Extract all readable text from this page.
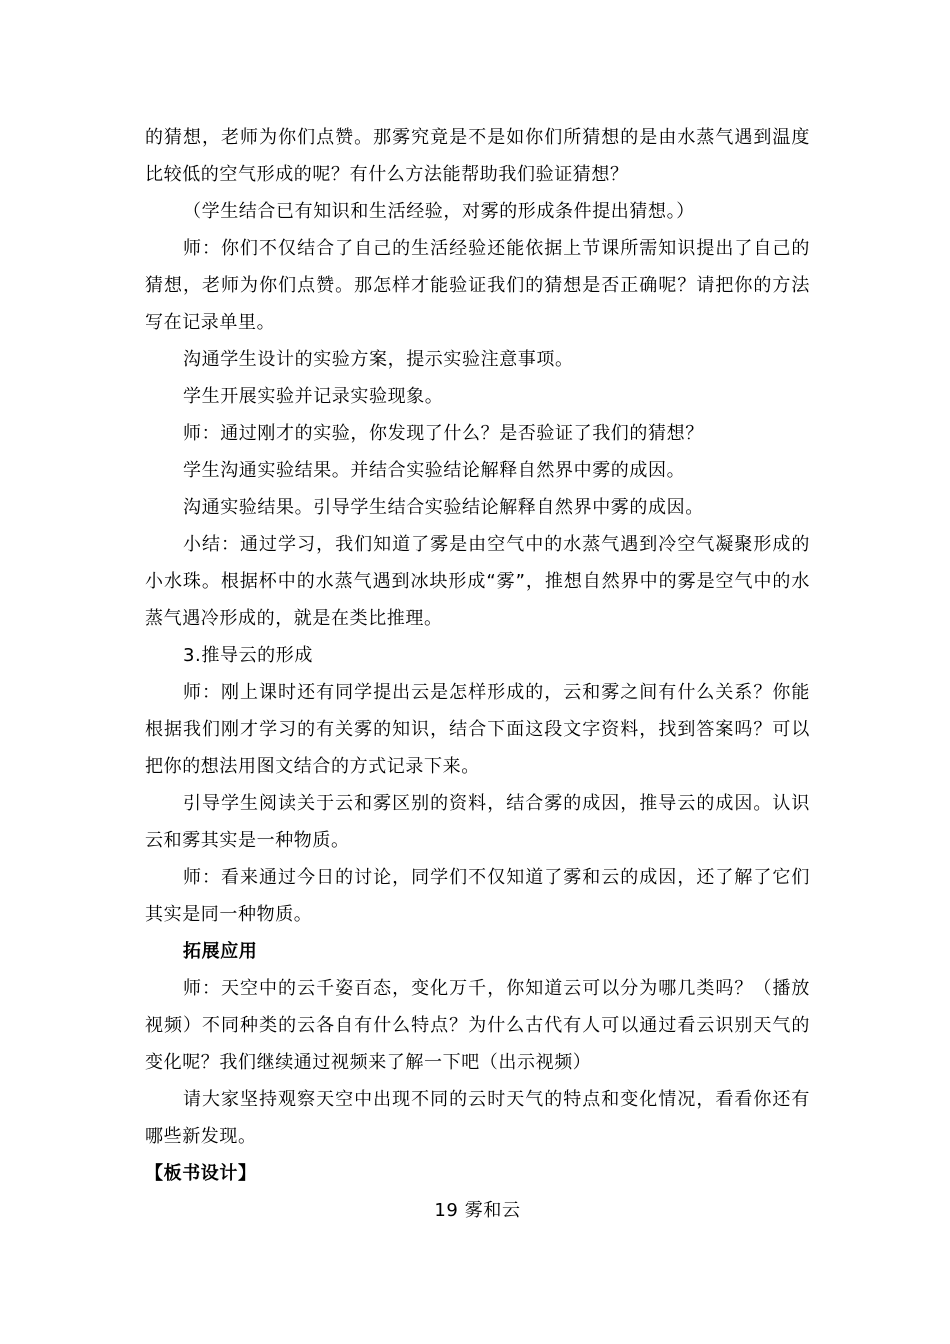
的猜想，老师为你们点赞。那雾究竟是不是如你们所猜想的是由水蒸气遇到温度比较低的空气形成的呢？有什么方法能帮助我们验证猜想？

（学生结合已有知识和生活经验，对雾的形成条件提出猜想。）

师：你们不仅结合了自己的生活经验还能依据上节课所需知识提出了自己的猜想，老师为你们点赞。那怎样才能验证我们的猜想是否正确呢？请把你的方法写在记录单里。

沟通学生设计的实验方案，提示实验注意事项。

学生开展实验并记录实验现象。

师：通过刚才的实验，你发现了什么？是否验证了我们的猜想？

学生沟通实验结果。并结合实验结论解释自然界中雾的成因。

沟通实验结果。引导学生结合实验结论解释自然界中雾的成因。

小结：通过学习，我们知道了雾是由空气中的水蒸气遇到冷空气凝聚形成的小水珠。根据杯中的水蒸气遇到冰块形成“雾”，推想自然界中的雾是空气中的水蒸气遇冷形成的，就是在类比推理。

3.推导云的形成

师：刚上课时还有同学提出云是怎样形成的，云和雾之间有什么关系？你能根据我们刚才学习的有关雾的知识，结合下面这段文字资料，找到答案吗？可以把你的想法用图文结合的方式记录下来。

引导学生阅读关于云和雾区别的资料，结合雾的成因，推导云的成因。认识云和雾其实是一种物质。

师：看来通过今日的讨论，同学们不仅知道了雾和云的成因，还了解了它们其实是同一种物质。

拓展应用

师：天空中的云千姿百态，变化万千，你知道云可以分为哪几类吗？（播放视频）不同种类的云各自有什么特点？为什么古代有人可以通过看云识别天气的变化呢？我们继续通过视频来了解一下吧（出示视频）

请大家坚持观察天空中出现不同的云时天气的特点和变化情况，看看你还有哪些新发现。

【板书设计】

19 雾和云
